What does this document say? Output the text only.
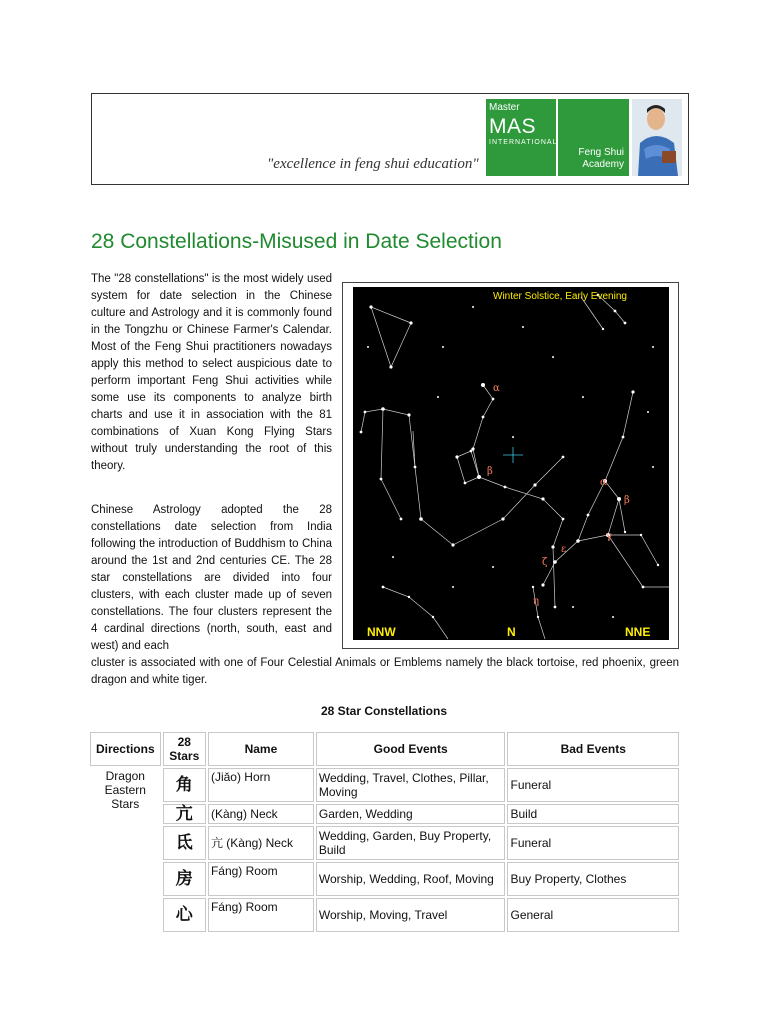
"excellence in feng shui education"
Master
MAS
INTERNATIONAL
Feng Shui
Academy
28 Constellations-Misused in Date Selection

The "28 constellations" is the most widely used system for date selection in the Chinese culture and Astrology and it is commonly found in the Tongzhu or Chinese Farmer's Calendar. Most of the Feng Shui practitioners nowadays apply this method to select auspicious date to perform important Feng Shui activities while some use its components to analyze birth charts and use it in association with the 81 combinations of Xuan Kong Flying Stars without truly understanding the root of this theory.

Chinese Astrology adopted the 28 constellations date selection from India following the introduction of Buddhism to China around the 1st and 2nd centuries CE. The 28 star constellations are divided into four clusters, with each cluster made up of seven constellations. The four clusters represent the 4 cardinal directions (north, south, east and west) and each

cluster is associated with one of Four Celestial Animals or Emblems namely the black tortoise, red phoenix, green dragon and white tiger.

α
β
α
β
γ
ε
ζ
η
Winter Solstice, Early Evening
NNW	N	NNE
28 Star Constellations
Directions	28 Stars	Name	Good Events	Bad Events
Dragon Eastern Stars	角	(Jiǎo) Horn	Wedding, Travel, Clothes, Pillar, Moving	Funeral
	亢	(Kàng) Neck	Garden, Wedding	Build
	氐	亢 (Kàng) Neck	Wedding, Garden, Buy Property, Build	Funeral
	房	Fáng) Room	Worship, Wedding, Roof, Moving	Buy Property, Clothes
	心	Fáng) Room	Worship, Moving, Travel	General
